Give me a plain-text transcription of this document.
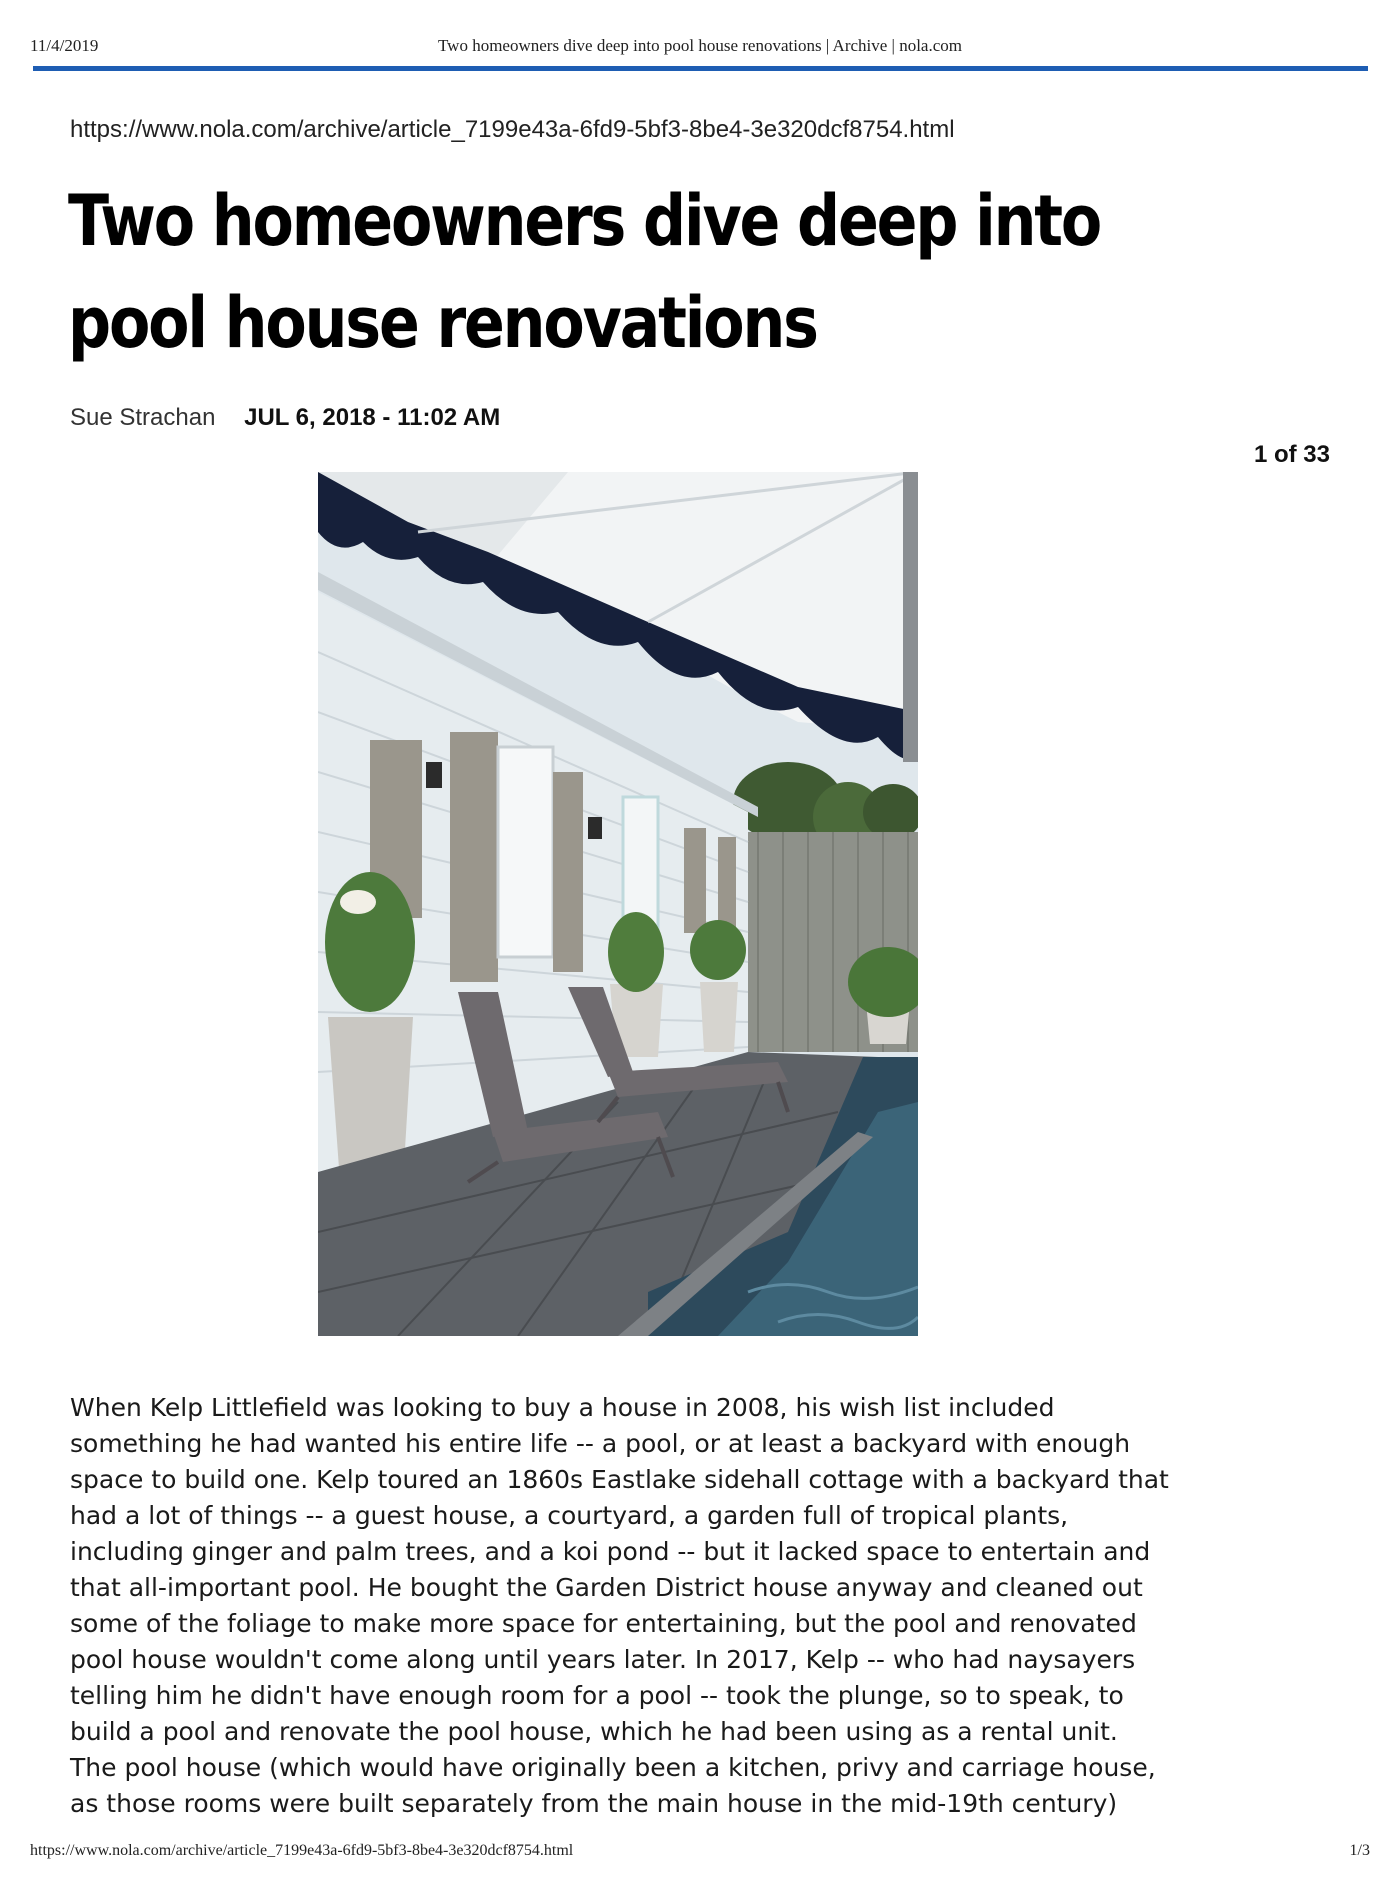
11/4/2019	Two homeowners dive deep into pool house renovations | Archive | nola.com
https://www.nola.com/archive/article_7199e43a-6fd9-5bf3-8be4-3e320dcf8754.html
Two homeowners dive deep into pool house renovations
Sue Strachan JUL 6, 2018 - 11:02 AM
1 of 33

When Kelp Littlefield was looking to buy a house in 2008, his wish list included something he had wanted his entire life -- a pool, or at least a backyard with enough space to build one. Kelp toured an 1860s Eastlake sidehall cottage with a backyard that had a lot of things -- a guest house, a courtyard, a garden full of tropical plants, including ginger and palm trees, and a koi pond -- but it lacked space to entertain and that all-important pool. He bought the Garden District house anyway and cleaned out some of the foliage to make more space for entertaining, but the pool and renovated pool house wouldn't come along until years later. In 2017, Kelp -- who had naysayers telling him he didn't have enough room for a pool -- took the plunge, so to speak, to build a pool and renovate the pool house, which he had been using as a rental unit. The pool house (which would have originally been a kitchen, privy and carriage house, as those rooms were built separately from the main house in the mid-19th century)

https://www.nola.com/archive/article_7199e43a-6fd9-5bf3-8be4-3e320dcf8754.html	1/3
